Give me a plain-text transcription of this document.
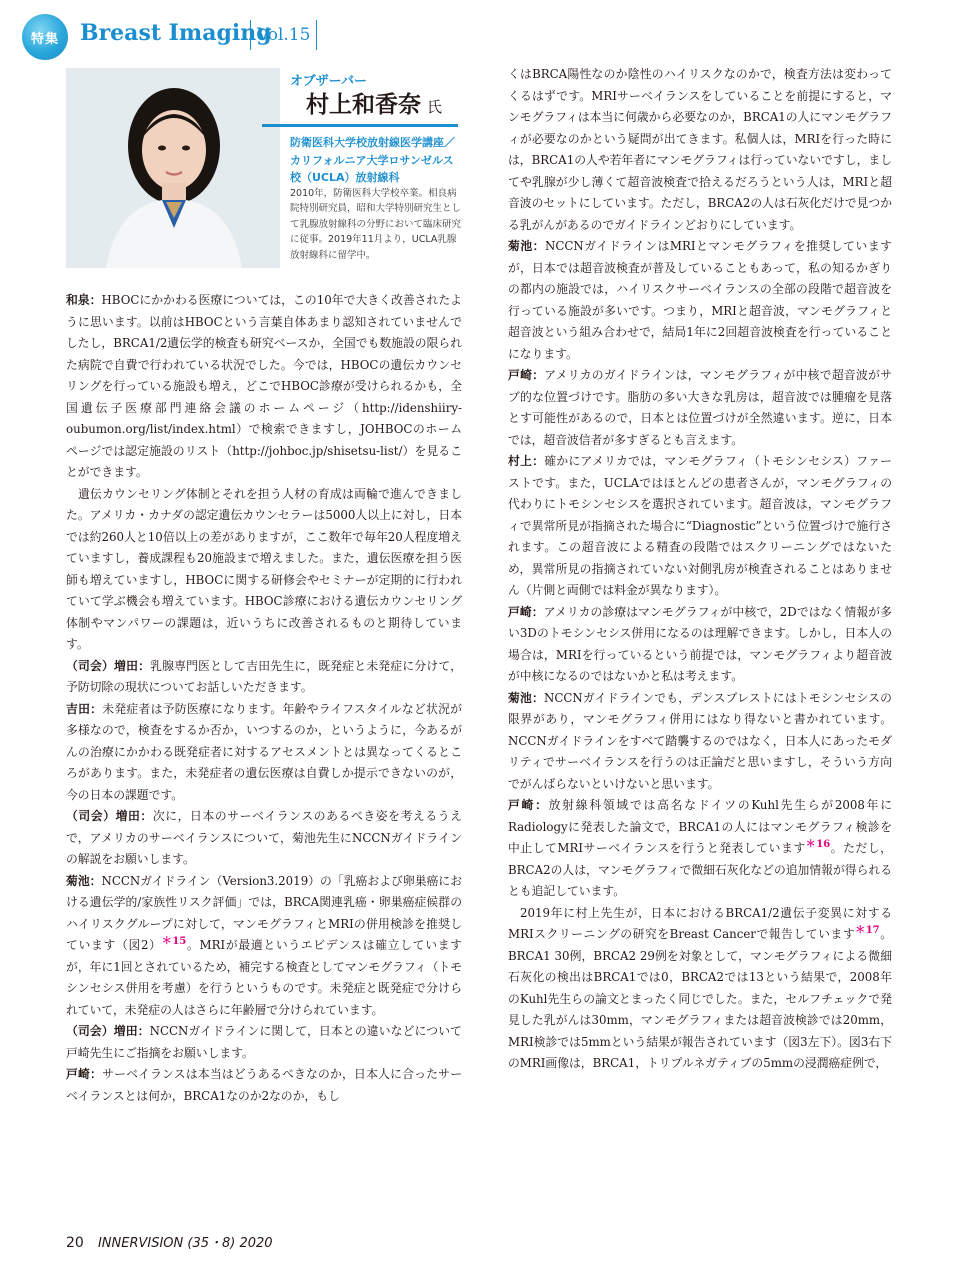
特集 Breast Imaging
Vol.15
オブザーバー
村上和香奈 氏
防衛医科大学校放射線医学講座／カリフォルニア大学ロサンゼルス校（UCLA）放射線科
2010年，防衛医科大学校卒業。相良病院特別研究員，昭和大学特別研究生として乳腺放射線科の分野において臨床研究に従事。2019年11月より，UCLA乳腺放射線科に留学中。

和泉：HBOCにかかわる医療については，この10年で大きく改善されたように思います。以前はHBOCという言葉自体あまり認知されていませんでしたし，BRCA1/2遺伝学的検査も研究ベースか，全国でも数施設の限られた病院で自費で行われている状況でした。今では，HBOCの遺伝カウンセリングを行っている施設も増え，どこでHBOC診療が受けられるかも，全国遺伝子医療部門連絡会議のホームページ（http://idenshiiry-oubumon.org/list/index.html）で検索できますし，JOHBOCのホームページでは認定施設のリスト（http://johboc.jp/shisetsu-list/）を見ることができます。

遺伝カウンセリング体制とそれを担う人材の育成は両輪で進んできました。アメリカ・カナダの認定遺伝カウンセラーは5000人以上に対し，日本では約260人と10倍以上の差がありますが，ここ数年で毎年20人程度増えていますし，養成課程も20施設まで増えました。また，遺伝医療を担う医師も増えていますし，HBOCに関する研修会やセミナーが定期的に行われていて学ぶ機会も増えています。HBOC診療における遺伝カウンセリング体制やマンパワーの課題は，近いうちに改善されるものと期待しています。

（司会）増田：乳腺専門医として吉田先生に，既発症と未発症に分けて，予防切除の現状についてお話しいただきます。

吉田：未発症者は予防医療になります。年齢やライフスタイルなど状況が多様なので，検査をするか否か，いつするのか，というように，今あるがんの治療にかかわる既発症者に対するアセスメントとは異なってくるところがあります。また，未発症者の遺伝医療は自費しか提示できないのが，今の日本の課題です。

（司会）増田：次に，日本のサーベイランスのあるべき姿を考えるうえで，アメリカのサーベイランスについて，菊池先生にNCCNガイドラインの解説をお願いします。

菊池：NCCNガイドライン（Version3.2019）の「乳癌および卵巣癌における遺伝学的/家族性リスク評価」では，BRCA関連乳癌・卵巣癌症候群のハイリスクグループに対して，マンモグラフィとMRIの併用検診を推奨しています（図2）$^{*15}$。MRIが最適というエビデンスは確立していますが，年に1回とされているため，補完する検査としてマンモグラフィ（トモシンセシス併用を考慮）を行うというものです。未発症と既発症で分けられていて，未発症の人はさらに年齢層で分けられています。

（司会）増田：NCCNガイドラインに関して，日本との違いなどについて戸崎先生にご指摘をお願いします。

戸崎：サーベイランスは本当はどうあるべきなのか，日本人に合ったサーベイランスとは何か，BRCA1なのか2なのか，もし

くはBRCA陽性なのか陰性のハイリスクなのかで，検査方法は変わってくるはずです。MRIサーベイランスをしていることを前提にすると，マンモグラフィは本当に何歳から必要なのか，BRCA1の人にマンモグラフィが必要なのかという疑問が出てきます。私個人は，MRIを行った時には，BRCA1の人や若年者にマンモグラフィは行っていないですし，ましてや乳腺が少し薄くて超音波検査で拾えるだろうという人は，MRIと超音波のセットにしています。ただし，BRCA2の人は石灰化だけで見つかる乳がんがあるのでガイドラインどおりにしています。

菊池：NCCNガイドラインはMRIとマンモグラフィを推奨していますが，日本では超音波検査が普及していることもあって，私の知るかぎりの都内の施設では，ハイリスクサーベイランスの全部の段階で超音波を行っている施設が多いです。つまり，MRIと超音波，マンモグラフィと超音波という組み合わせで，結局1年に2回超音波検査を行っていることになります。

戸崎：アメリカのガイドラインは，マンモグラフィが中核で超音波がサブ的な位置づけです。脂肪の多い大きな乳房は，超音波では腫瘤を見落とす可能性があるので，日本とは位置づけが全然違います。逆に，日本では，超音波信者が多すぎるとも言えます。

村上：確かにアメリカでは，マンモグラフィ（トモシンセシス）ファーストです。また，UCLAではほとんどの患者さんが，マンモグラフィの代わりにトモシンセシスを選択されています。超音波は，マンモグラフィで異常所見が指摘された場合に“Diagnostic”という位置づけで施行されます。この超音波による精査の段階ではスクリーニングではないため，異常所見の指摘されていない対側乳房が検査されることはありません（片側と両側では料金が異なります）。

戸崎：アメリカの診療はマンモグラフィが中核で，2Dではなく情報が多い3Dのトモシンセシス併用になるのは理解できます。しかし，日本人の場合は，MRIを行っているという前提では，マンモグラフィより超音波が中核になるのではないかと私は考えます。

菊池：NCCNガイドラインでも，デンスブレストにはトモシンセシスの限界があり，マンモグラフィ併用にはなり得ないと書かれています。NCCNガイドラインをすべて踏襲するのではなく，日本人にあったモダリティでサーベイランスを行うのは正論だと思いますし，そういう方向でがんばらないといけないと思います。

戸崎：放射線科領域では高名なドイツのKuhl先生らが2008年にRadiologyに発表した論文で，BRCA1の人にはマンモグラフィ検診を中止してMRIサーベイランスを行うと発表しています$^{*16}$。ただし，BRCA2の人は，マンモグラフィで微細石灰化などの追加情報が得られるとも追記しています。

2019年に村上先生が，日本におけるBRCA1/2遺伝子変異に対するMRIスクリーニングの研究をBreast Cancerで報告しています$^{*17}$。BRCA1 30例，BRCA2 29例を対象として，マンモグラフィによる微細石灰化の検出はBRCA1では0，BRCA2では13という結果で，2008年のKuhl先生らの論文とまったく同じでした。また，セルフチェックで発見した乳がんは30mm，マンモグラフィまたは超音波検診では20mm，MRI検診では5mmという結果が報告されています（図3左下）。図3右下のMRI画像は，BRCA1，トリプルネガティブの5mmの浸潤癌症例で，

20 INNERVISION (35・8) 2020
